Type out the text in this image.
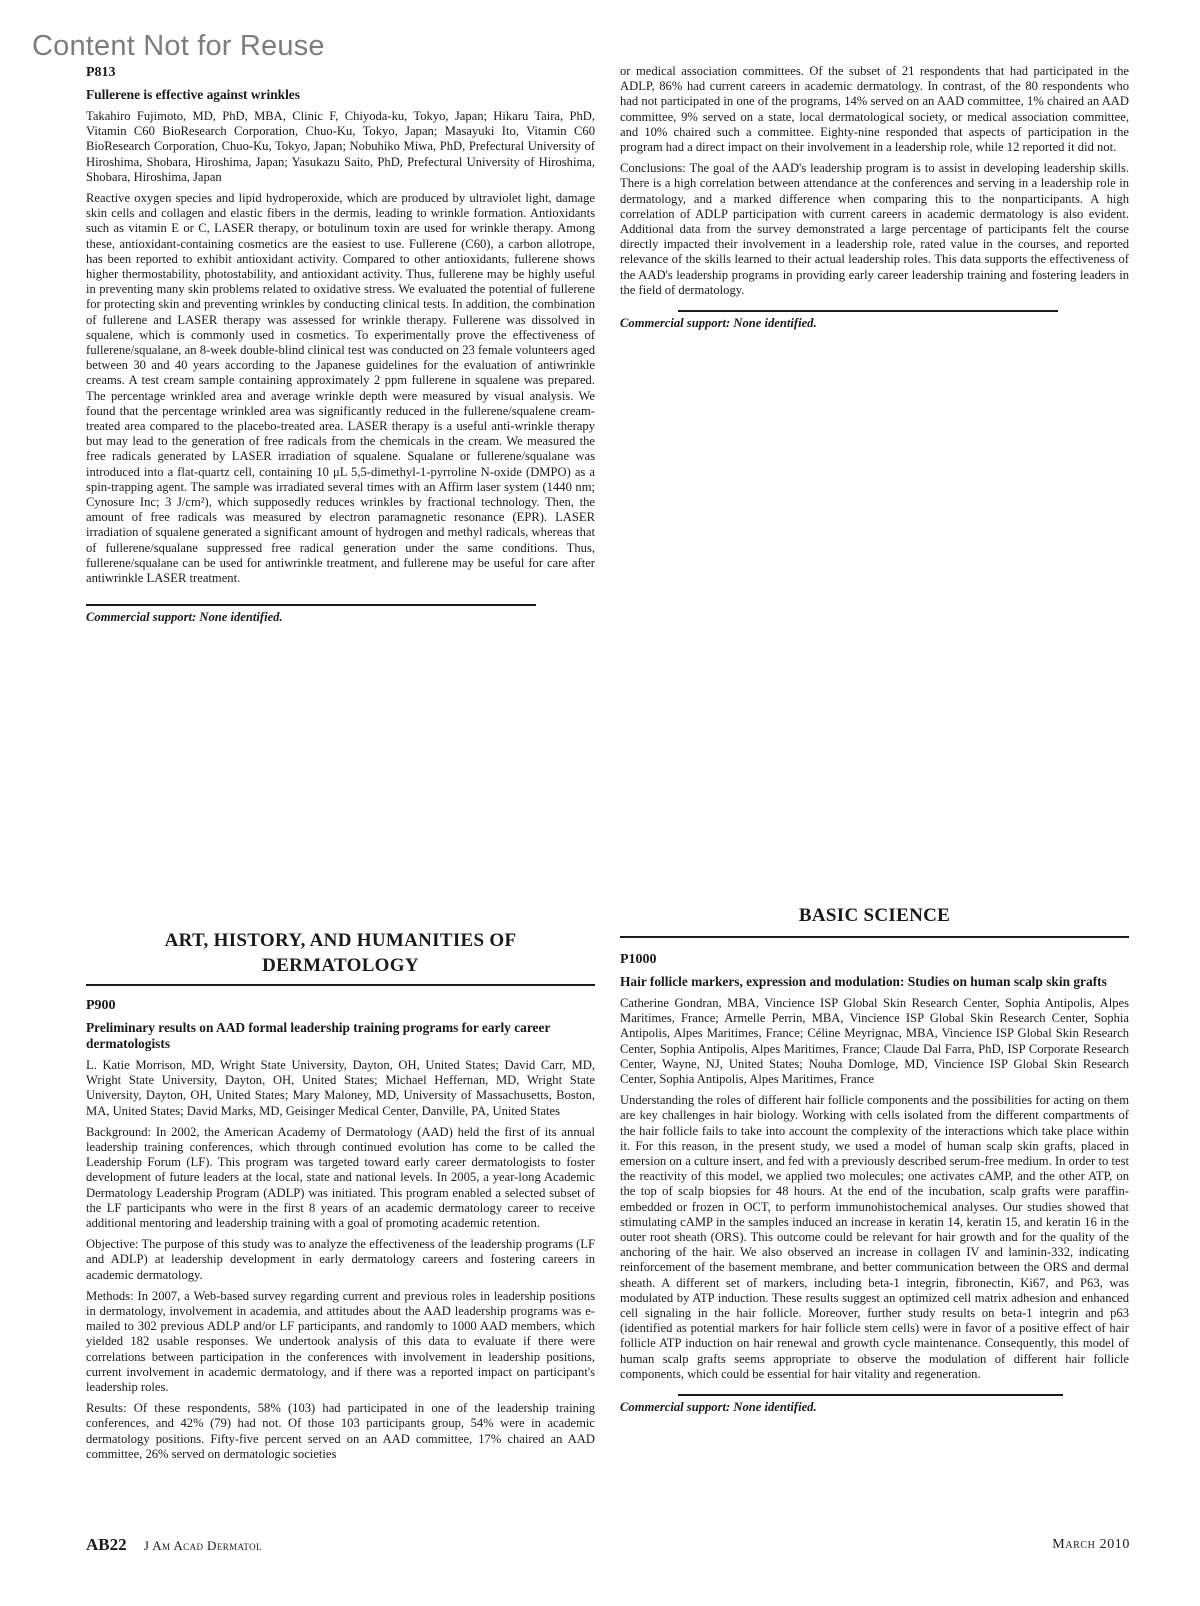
Content Not for Reuse

P813

Fullerene is effective against wrinkles

Takahiro Fujimoto, MD, PhD, MBA, Clinic F, Chiyoda-ku, Tokyo, Japan; Hikaru Taira, PhD, Vitamin C60 BioResearch Corporation, Chuo-Ku, Tokyo, Japan; Masayuki Ito, Vitamin C60 BioResearch Corporation, Chuo-Ku, Tokyo, Japan; Nobuhiko Miwa, PhD, Prefectural University of Hiroshima, Shobara, Hiroshima, Japan; Yasukazu Saito, PhD, Prefectural University of Hiroshima, Shobara, Hiroshima, Japan

Reactive oxygen species and lipid hydroperoxide, which are produced by ultraviolet light, damage skin cells and collagen and elastic fibers in the dermis, leading to wrinkle formation. Antioxidants such as vitamin E or C, LASER therapy, or botulinum toxin are used for wrinkle therapy. Among these, antioxidant-containing cosmetics are the easiest to use. Fullerene (C60), a carbon allotrope, has been reported to exhibit antioxidant activity. Compared to other antioxidants, fullerene shows higher thermostability, photostability, and antioxidant activity. Thus, fullerene may be highly useful in preventing many skin problems related to oxidative stress. We evaluated the potential of fullerene for protecting skin and preventing wrinkles by conducting clinical tests. In addition, the combination of fullerene and LASER therapy was assessed for wrinkle therapy. Fullerene was dissolved in squalene, which is commonly used in cosmetics. To experimentally prove the effectiveness of fullerene/squalane, an 8-week double-blind clinical test was conducted on 23 female volunteers aged between 30 and 40 years according to the Japanese guidelines for the evaluation of antiwrinkle creams. A test cream sample containing approximately 2 ppm fullerene in squalene was prepared. The percentage wrinkled area and average wrinkle depth were measured by visual analysis. We found that the percentage wrinkled area was significantly reduced in the fullerene/squalene cream-treated area compared to the placebo-treated area. LASER therapy is a useful anti-wrinkle therapy but may lead to the generation of free radicals from the chemicals in the cream. We measured the free radicals generated by LASER irradiation of squalene. Squalane or fullerene/squalane was introduced into a flat-quartz cell, containing 10 μL 5,5-dimethyl-1-pyrroline N-oxide (DMPO) as a spin-trapping agent. The sample was irradiated several times with an Affirm laser system (1440 nm; Cynosure Inc; 3 J/cm²), which supposedly reduces wrinkles by fractional technology. Then, the amount of free radicals was measured by electron paramagnetic resonance (EPR). LASER irradiation of squalene generated a significant amount of hydrogen and methyl radicals, whereas that of fullerene/squalane suppressed free radical generation under the same conditions. Thus, fullerene/squalane can be used for antiwrinkle treatment, and fullerene may be useful for care after antiwrinkle LASER treatment.

Commercial support: None identified.

or medical association committees. Of the subset of 21 respondents that had participated in the ADLP, 86% had current careers in academic dermatology. In contrast, of the 80 respondents who had not participated in one of the programs, 14% served on an AAD committee, 1% chaired an AAD committee, 9% served on a state, local dermatological society, or medical association committee, and 10% chaired such a committee. Eighty-nine responded that aspects of participation in the program had a direct impact on their involvement in a leadership role, while 12 reported it did not.

Conclusions: The goal of the AAD's leadership program is to assist in developing leadership skills. There is a high correlation between attendance at the conferences and serving in a leadership role in dermatology, and a marked difference when comparing this to the nonparticipants. A high correlation of ADLP participation with current careers in academic dermatology is also evident. Additional data from the survey demonstrated a large percentage of participants felt the course directly impacted their involvement in a leadership role, rated value in the courses, and reported relevance of the skills learned to their actual leadership roles. This data supports the effectiveness of the AAD's leadership programs in providing early career leadership training and fostering leaders in the field of dermatology.

Commercial support: None identified.

ART, HISTORY, AND HUMANITIES OF
DERMATOLOGY

P900

Preliminary results on AAD formal leadership training programs for early career dermatologists

L. Katie Morrison, MD, Wright State University, Dayton, OH, United States; David Carr, MD, Wright State University, Dayton, OH, United States; Michael Heffernan, MD, Wright State University, Dayton, OH, United States; Mary Maloney, MD, University of Massachusetts, Boston, MA, United States; David Marks, MD, Geisinger Medical Center, Danville, PA, United States

Background: In 2002, the American Academy of Dermatology (AAD) held the first of its annual leadership training conferences, which through continued evolution has come to be called the Leadership Forum (LF). This program was targeted toward early career dermatologists to foster development of future leaders at the local, state and national levels. In 2005, a year-long Academic Dermatology Leadership Program (ADLP) was initiated. This program enabled a selected subset of the LF participants who were in the first 8 years of an academic dermatology career to receive additional mentoring and leadership training with a goal of promoting academic retention.

Objective: The purpose of this study was to analyze the effectiveness of the leadership programs (LF and ADLP) at leadership development in early dermatology careers and fostering careers in academic dermatology.

Methods: In 2007, a Web-based survey regarding current and previous roles in leadership positions in dermatology, involvement in academia, and attitudes about the AAD leadership programs was e-mailed to 302 previous ADLP and/or LF participants, and randomly to 1000 AAD members, which yielded 182 usable responses. We undertook analysis of this data to evaluate if there were correlations between participation in the conferences with involvement in leadership positions, current involvement in academic dermatology, and if there was a reported impact on participant's leadership roles.

Results: Of these respondents, 58% (103) had participated in one of the leadership training conferences, and 42% (79) had not. Of those 103 participants group, 54% were in academic dermatology positions. Fifty-five percent served on an AAD committee, 17% chaired an AAD committee, 26% served on dermatologic societies

BASIC SCIENCE

P1000

Hair follicle markers, expression and modulation: Studies on human scalp skin grafts

Catherine Gondran, MBA, Vincience ISP Global Skin Research Center, Sophia Antipolis, Alpes Maritimes, France; Armelle Perrin, MBA, Vincience ISP Global Skin Research Center, Sophia Antipolis, Alpes Maritimes, France; Céline Meyrignac, MBA, Vincience ISP Global Skin Research Center, Sophia Antipolis, Alpes Maritimes, France; Claude Dal Farra, PhD, ISP Corporate Research Center, Wayne, NJ, United States; Nouha Domloge, MD, Vincience ISP Global Skin Research Center, Sophia Antipolis, Alpes Maritimes, France

Understanding the roles of different hair follicle components and the possibilities for acting on them are key challenges in hair biology. Working with cells isolated from the different compartments of the hair follicle fails to take into account the complexity of the interactions which take place within it. For this reason, in the present study, we used a model of human scalp skin grafts, placed in emersion on a culture insert, and fed with a previously described serum-free medium. In order to test the reactivity of this model, we applied two molecules; one activates cAMP, and the other ATP, on the top of scalp biopsies for 48 hours. At the end of the incubation, scalp grafts were paraffin-embedded or frozen in OCT, to perform immunohistochemical analyses. Our studies showed that stimulating cAMP in the samples induced an increase in keratin 14, keratin 15, and keratin 16 in the outer root sheath (ORS). This outcome could be relevant for hair growth and for the quality of the anchoring of the hair. We also observed an increase in collagen IV and laminin-332, indicating reinforcement of the basement membrane, and better communication between the ORS and dermal sheath. A different set of markers, including beta-1 integrin, fibronectin, Ki67, and P63, was modulated by ATP induction. These results suggest an optimized cell matrix adhesion and enhanced cell signaling in the hair follicle. Moreover, further study results on beta-1 integrin and p63 (identified as potential markers for hair follicle stem cells) were in favor of a positive effect of hair follicle ATP induction on hair renewal and growth cycle maintenance. Consequently, this model of human scalp grafts seems appropriate to observe the modulation of different hair follicle components, which could be essential for hair vitality and regeneration.

Commercial support: None identified.

AB22 J Am Acad Dermatol	March 2010
